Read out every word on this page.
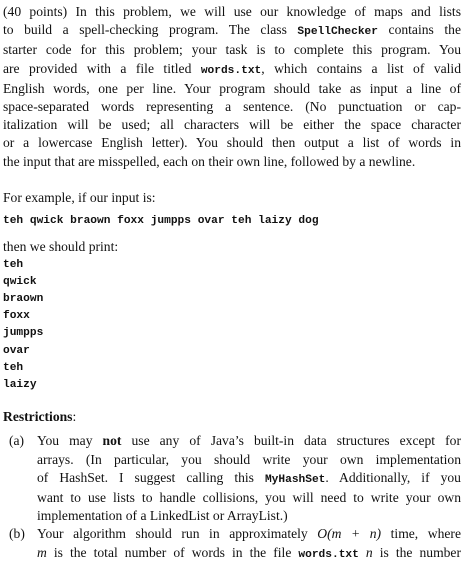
(40 points) In this problem, we will use our knowledge of maps and lists
to build a spell-checking program. The class SpellChecker contains the
starter code for this problem; your task is to complete this program. You
are provided with a file titled words.txt, which contains a list of valid
English words, one per line. Your program should take as input a line of
space-separated words representing a sentence. (No punctuation or cap-
italization will be used; all characters will be either the space character
or a lowercase English letter). You should then output a list of words in
the input that are misspelled, each on their own line, followed by a newline.
For example, if our input is:
teh qwick braown foxx jumpps ovar teh laizy dog
then we should print:
teh
qwick
braown
foxx
jumpps
ovar
teh
laizy
Restrictions:
(a) You may not use any of Java’s built-in data structures except for
arrays. (In particular, you should write your own implementation
of HashSet. I suggest calling this MyHashSet. Additionally, if you
want to use lists to handle collisions, you will need to write your own
implementation of a LinkedList or ArrayList.)
(b) Your algorithm should run in approximately O(m + n) time, where
m is the total number of words in the file words.txt n is the number
